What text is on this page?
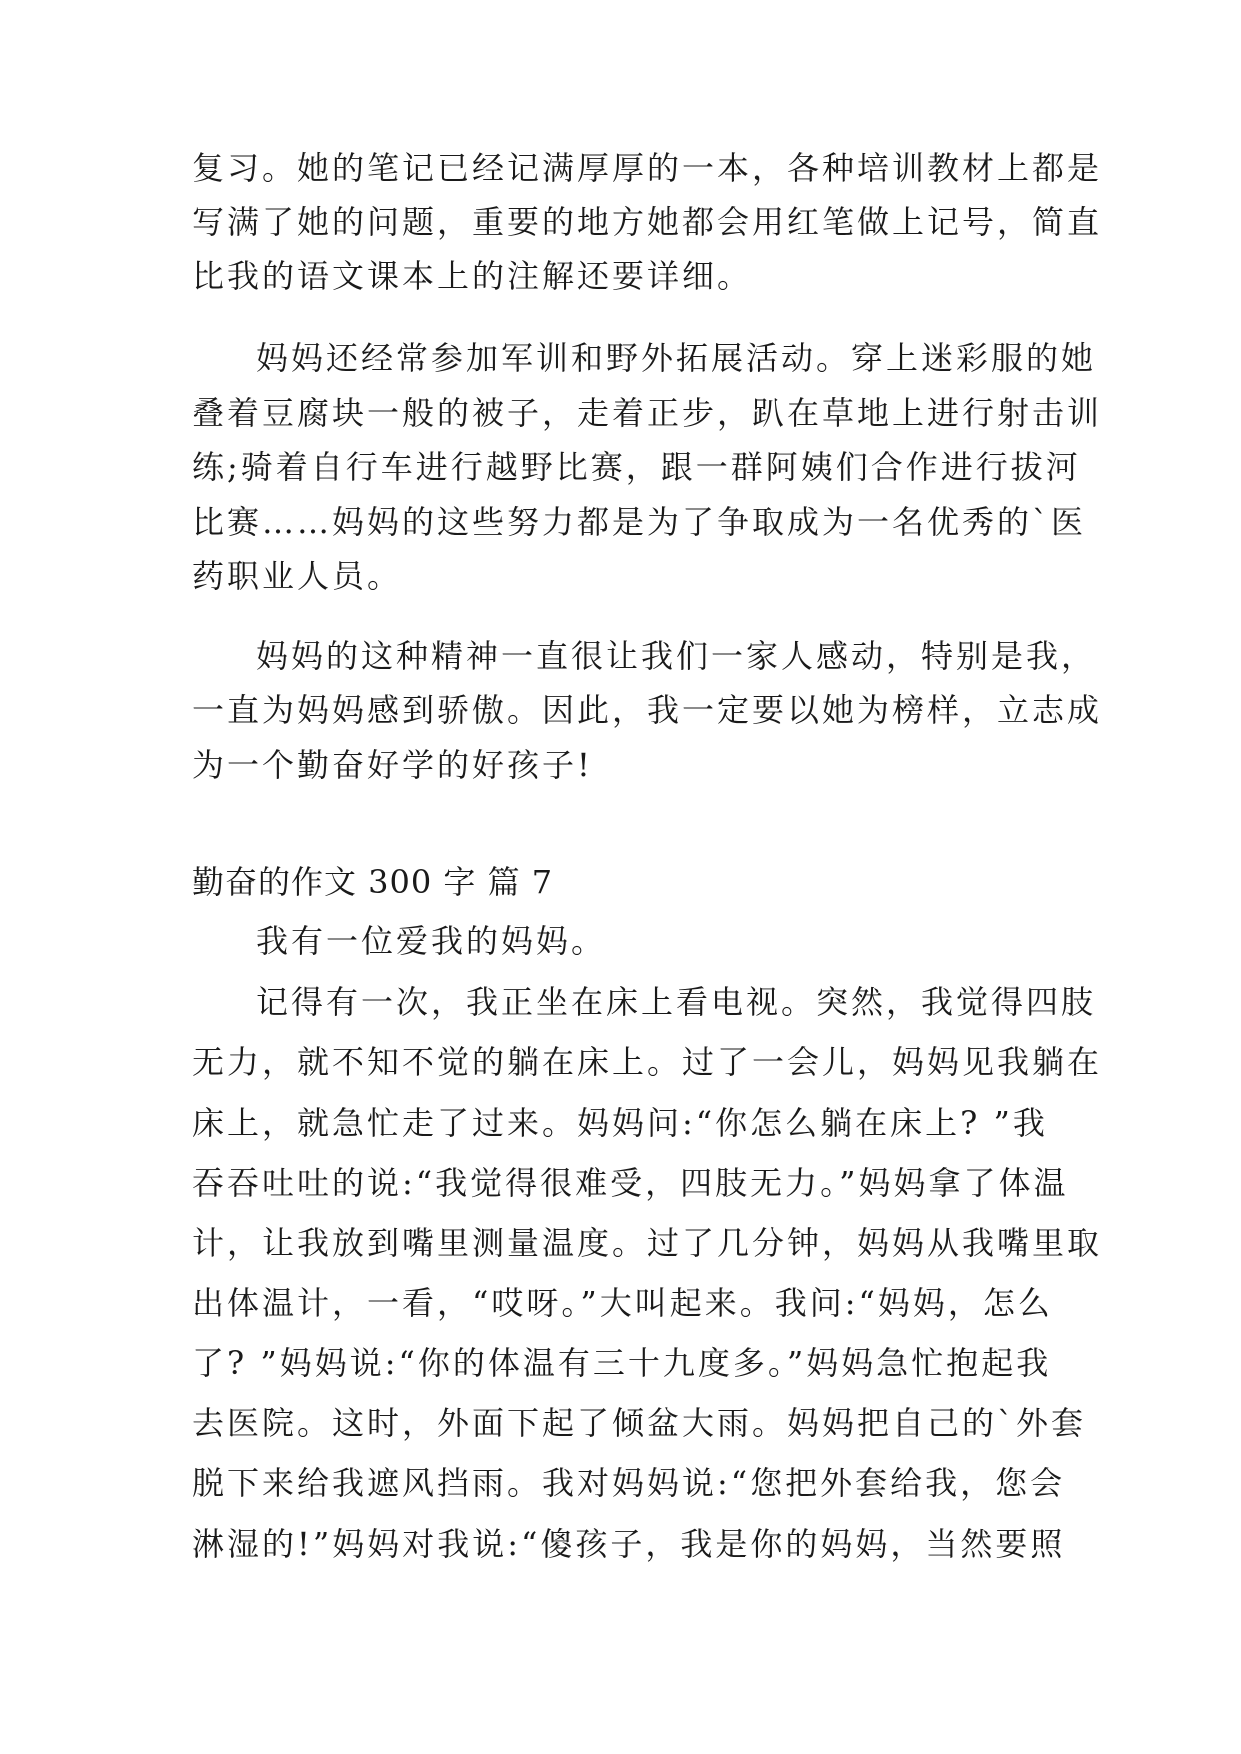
复习。她的笔记已经记满厚厚的一本，各种培训教材上都是
写满了她的问题，重要的地方她都会用红笔做上记号，简直
比我的语文课本上的注解还要详细。
妈妈还经常参加军训和野外拓展活动。穿上迷彩服的她
叠着豆腐块一般的被子，走着正步，趴在草地上进行射击训
练;骑着自行车进行越野比赛，跟一群阿姨们合作进行拔河
比赛……妈妈的这些努力都是为了争取成为一名优秀的`医
药职业人员。
妈妈的这种精神一直很让我们一家人感动，特别是我，
一直为妈妈感到骄傲。因此，我一定要以她为榜样，立志成
为一个勤奋好学的好孩子!
勤奋的作文 300 字 篇 7
我有一位爱我的妈妈。
记得有一次，我正坐在床上看电视。突然，我觉得四肢
无力，就不知不觉的躺在床上。过了一会儿，妈妈见我躺在
床上，就急忙走了过来。妈妈问:“你怎么躺在床上? ”我
吞吞吐吐的说:“我觉得很难受，四肢无力。”妈妈拿了体温
计，让我放到嘴里测量温度。过了几分钟，妈妈从我嘴里取
出体温计，一看，“哎呀。”大叫起来。我问:“妈妈，怎么
了? ”妈妈说:“你的体温有三十九度多。”妈妈急忙抱起我
去医院。这时，外面下起了倾盆大雨。妈妈把自己的`外套
脱下来给我遮风挡雨。我对妈妈说:“您把外套给我，您会
淋湿的!”妈妈对我说:“傻孩子，我是你的妈妈，当然要照
